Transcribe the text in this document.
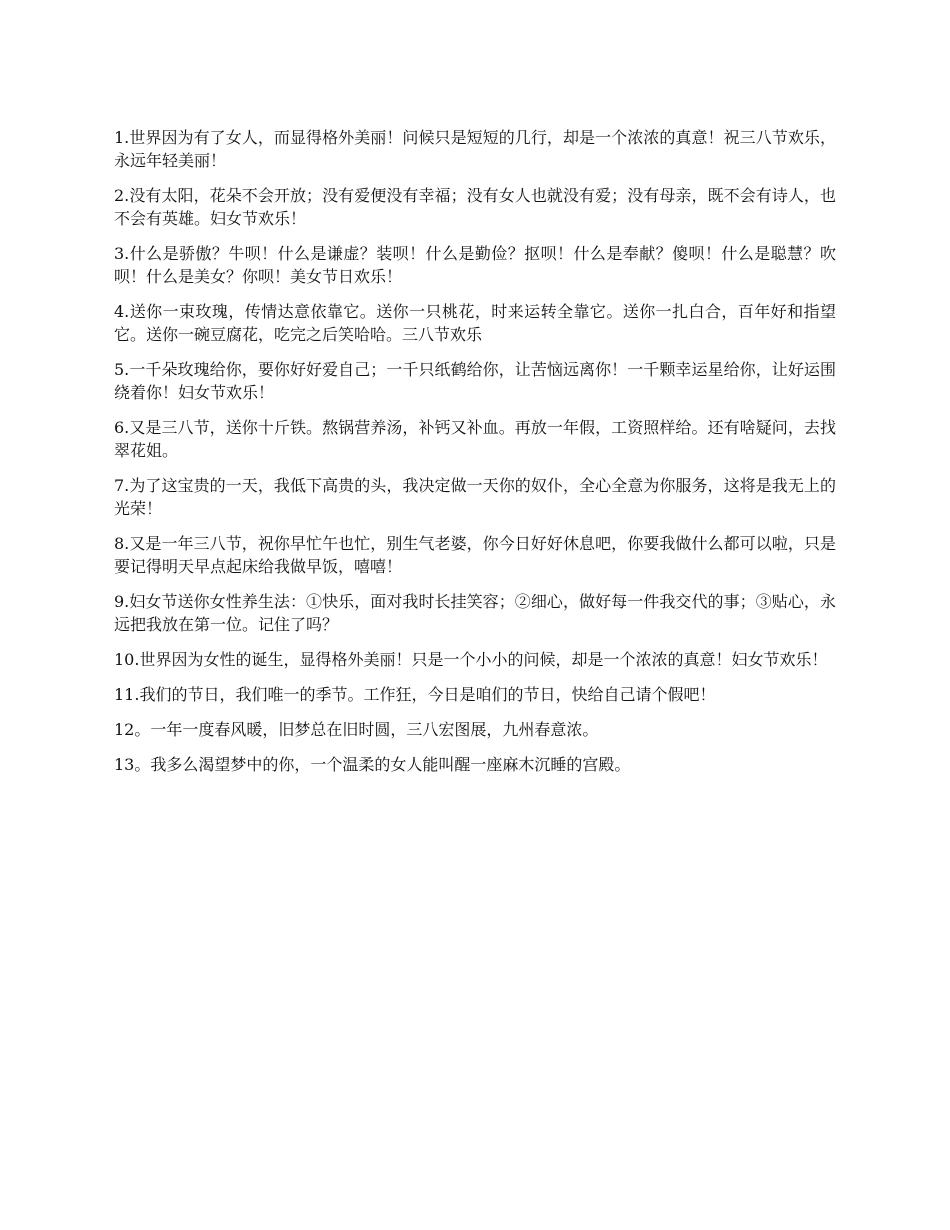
1.世界因为有了女人，而显得格外美丽！问候只是短短的几行，却是一个浓浓的真意！祝三八节欢乐，永远年轻美丽！

2.没有太阳，花朵不会开放；没有爱便没有幸福；没有女人也就没有爱；没有母亲，既不会有诗人，也不会有英雄。妇女节欢乐！

3.什么是骄傲？牛呗！什么是谦虚？装呗！什么是勤俭？抠呗！什么是奉献？傻呗！什么是聪慧？吹呗！什么是美女？你呗！美女节日欢乐！

4.送你一束玫瑰，传情达意依靠它。送你一只桃花，时来运转全靠它。送你一扎白合，百年好和指望它。送你一碗豆腐花，吃完之后笑哈哈。三八节欢乐

5.一千朵玫瑰给你，要你好好爱自己；一千只纸鹤给你，让苦恼远离你！一千颗幸运星给你，让好运围绕着你！妇女节欢乐！

6.又是三八节，送你十斤铁。熬锅营养汤，补钙又补血。再放一年假，工资照样给。还有啥疑问，去找翠花姐。

7.为了这宝贵的一天，我低下高贵的头，我决定做一天你的奴仆，全心全意为你服务，这将是我无上的光荣！

8.又是一年三八节，祝你早忙午也忙，别生气老婆，你今日好好休息吧，你要我做什么都可以啦，只是要记得明天早点起床给我做早饭，嘻嘻！

9.妇女节送你女性养生法：①快乐，面对我时长挂笑容；②细心，做好每一件我交代的事；③贴心，永远把我放在第一位。记住了吗？

10.世界因为女性的诞生，显得格外美丽！只是一个小小的问候，却是一个浓浓的真意！妇女节欢乐！

11.我们的节日，我们唯一的季节。工作狂，今日是咱们的节日，快给自己请个假吧！

12。一年一度春风暖，旧梦总在旧时圆，三八宏图展，九州春意浓。

13。我多么渴望梦中的你，一个温柔的女人能叫醒一座麻木沉睡的宫殿。
